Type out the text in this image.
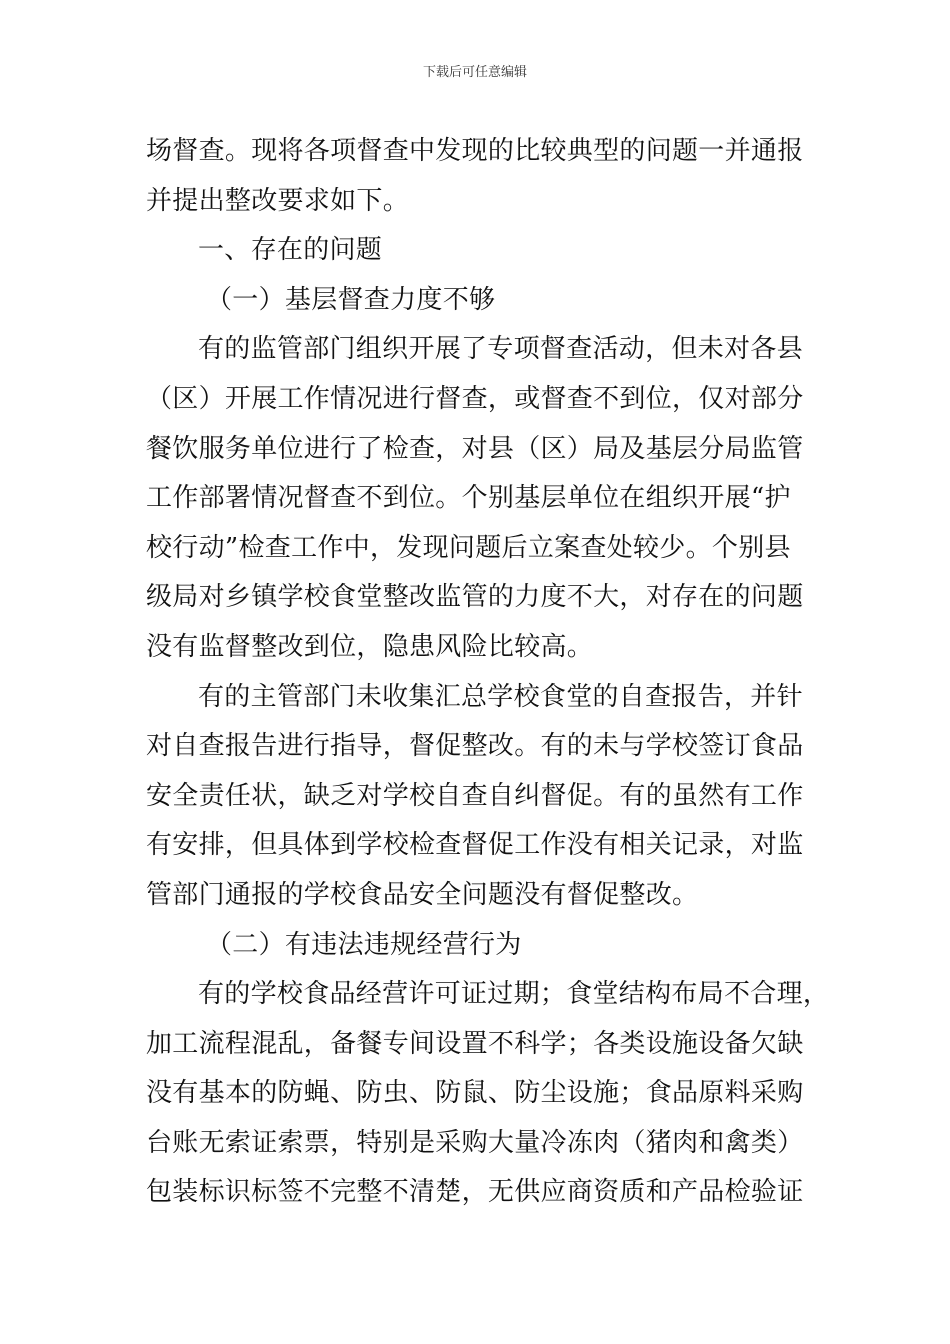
下载后可任意编辑
场督查。现将各项督查中发现的比较典型的问题一并通报
并提出整改要求如下。
一、存在的问题
（一）基层督查力度不够
有的监管部门组织开展了专项督查活动，但未对各县
（区）开展工作情况进行督查，或督查不到位，仅对部分
餐饮服务单位进行了检查，对县（区）局及基层分局监管
工作部署情况督查不到位。个别基层单位在组织开展“护
校行动”检查工作中，发现问题后立案查处较少。个别县
级局对乡镇学校食堂整改监管的力度不大，对存在的问题
没有监督整改到位，隐患风险比较高。
有的主管部门未收集汇总学校食堂的自查报告，并针
对自查报告进行指导，督促整改。有的未与学校签订食品
安全责任状，缺乏对学校自查自纠督促。有的虽然有工作
有安排，但具体到学校检查督促工作没有相关记录，对监
管部门通报的学校食品安全问题没有督促整改。
（二）有违法违规经营行为
有的学校食品经营许可证过期；食堂结构布局不合理，
加工流程混乱，备餐专间设置不科学；各类设施设备欠缺
没有基本的防蝇、防虫、防鼠、防尘设施；食品原料采购
台账无索证索票，特别是采购大量冷冻肉（猪肉和禽类）
包装标识标签不完整不清楚，无供应商资质和产品检验证
